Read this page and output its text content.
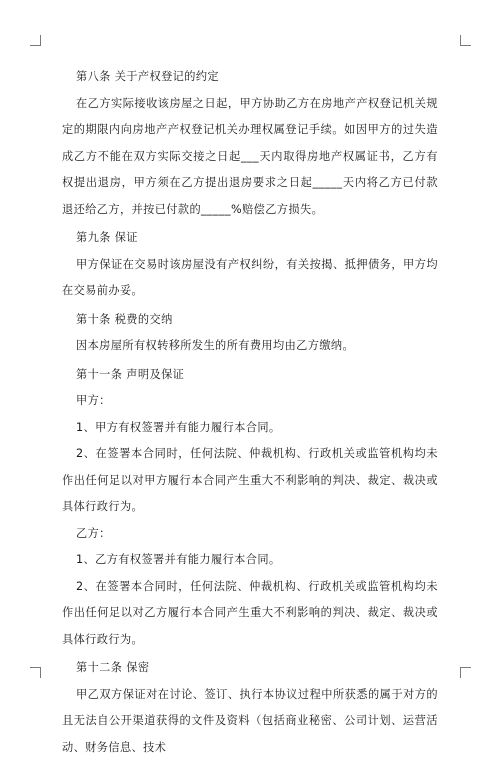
第八条 关于产权登记的约定

在乙方实际接收该房屋之日起，甲方协助乙方在房地产产权登记机关规定的期限内向房地产产权登记机关办理权属登记手续。如因甲方的过失造成乙方不能在双方实际交接之日起___天内取得房地产权属证书，乙方有权提出退房，甲方须在乙方提出退房要求之日起_____天内将乙方已付款退还给乙方，并按已付款的_____%赔偿乙方损失。

第九条 保证

甲方保证在交易时该房屋没有产权纠纷，有关按揭、抵押债务，甲方均在交易前办妥。

第十条 税费的交纳

因本房屋所有权转移所发生的所有费用均由乙方缴纳。

第十一条 声明及保证

甲方：

1、甲方有权签署并有能力履行本合同。

2、在签署本合同时，任何法院、仲裁机构、行政机关或监管机构均未作出任何足以对甲方履行本合同产生重大不利影响的判决、裁定、裁决或具体行政行为。

乙方：

1、乙方有权签署并有能力履行本合同。

2、在签署本合同时，任何法院、仲裁机构、行政机关或监管机构均未作出任何足以对乙方履行本合同产生重大不利影响的判决、裁定、裁决或具体行政行为。

第十二条 保密

甲乙双方保证对在讨论、签订、执行本协议过程中所获悉的属于对方的且无法自公开渠道获得的文件及资料（包括商业秘密、公司计划、运营活动、财务信息、技术
